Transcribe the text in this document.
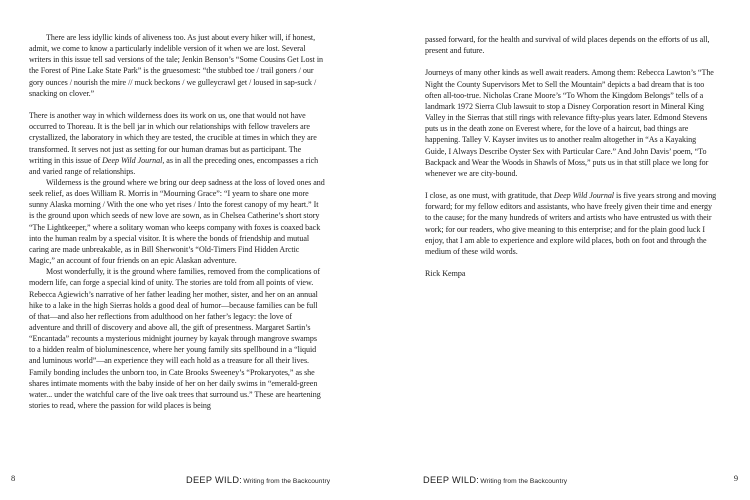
There are less idyllic kinds of aliveness too. As just about every hiker will, if honest, admit, we come to know a particularly indelible version of it when we are lost. Several writers in this issue tell sad versions of the tale; Jenkin Benson’s “Some Cousins Get Lost in the Forest of Pine Lake State Park” is the gruesomest: “the stubbed toe / trail goners / our gory ounces / nourish the mire // muck beckons / we gulleycrawl get / loused in sap-suck / snacking on clover.”

There is another way in which wilderness does its work on us, one that would not have occurred to Thoreau. It is the bell jar in which our relationships with fellow travelers are crystallized, the laboratory in which they are tested, the crucible at times in which they are transformed. It serves not just as setting for our human dramas but as participant. The writing in this issue of Deep Wild Journal, as in all the preceding ones, encompasses a rich and varied range of relationships.

Wilderness is the ground where we bring our deep sadness at the loss of loved ones and seek relief, as does William R. Morris in “Mourning Grace”: “I yearn to share one more sunny Alaska morning / With the one who yet rises / Into the forest canopy of my heart.” It is the ground upon which seeds of new love are sown, as in Chelsea Catherine’s short story “The Lightkeeper,” where a solitary woman who keeps company with foxes is coaxed back into the human realm by a special visitor. It is where the bonds of friendship and mutual caring are made unbreakable, as in Bill Sherwonit’s “Old-Timers Find Hidden Arctic Magic,” an account of four friends on an epic Alaskan adventure.

Most wonderfully, it is the ground where families, removed from the complications of modern life, can forge a special kind of unity. The stories are told from all points of view. Rebecca Agiewich’s narrative of her father leading her mother, sister, and her on an annual hike to a lake in the high Sierras holds a good deal of humor—because families can be full of that—and also her reflections from adulthood on her father’s legacy: the love of adventure and thrill of discovery and above all, the gift of presentness. Margaret Sartin’s “Encantada” recounts a mysterious midnight journey by kayak through mangrove swamps to a hidden realm of bioluminescence, where her young family sits spellbound in a “liquid and luminous world”—an experience they will each hold as a treasure for all their lives. Family bonding includes the unborn too, in Cate Brooks Sweeney’s “Prokaryotes,” as she shares intimate moments with the baby inside of her on her daily swims in “emerald-green water... under the watchful care of the live oak trees that surround us.” These are heartening stories to read, where the passion for wild places is being

8	DEEP WILD: Writing from the Backcountry

passed forward, for the health and survival of wild places depends on the efforts of us all, present and future.

Journeys of many other kinds as well await readers. Among them: Rebecca Lawton’s “The Night the County Supervisors Met to Sell the Mountain” depicts a bad dream that is too often all-too-true. Nicholas Crane Moore’s “To Whom the Kingdom Belongs” tells of a landmark 1972 Sierra Club lawsuit to stop a Disney Corporation resort in Mineral King Valley in the Sierras that still rings with relevance fifty-plus years later. Edmond Stevens puts us in the death zone on Everest where, for the love of a haircut, bad things are happening. Talley V. Kayser invites us to another realm altogether in “As a Kayaking Guide, I Always Describe Oyster Sex with Particular Care.” And John Davis’ poem, “To Backpack and Wear the Woods in Shawls of Moss,” puts us in that still place we long for whenever we are city-bound.

I close, as one must, with gratitude, that Deep Wild Journal is five years strong and moving forward; for my fellow editors and assistants, who have freely given their time and energy to the cause; for the many hundreds of writers and artists who have entrusted us with their work; for our readers, who give meaning to this enterprise; and for the plain good luck I enjoy, that I am able to experience and explore wild places, both on foot and through the medium of these wild words.

Rick Kempa

DEEP WILD: Writing from the Backcountry	9
